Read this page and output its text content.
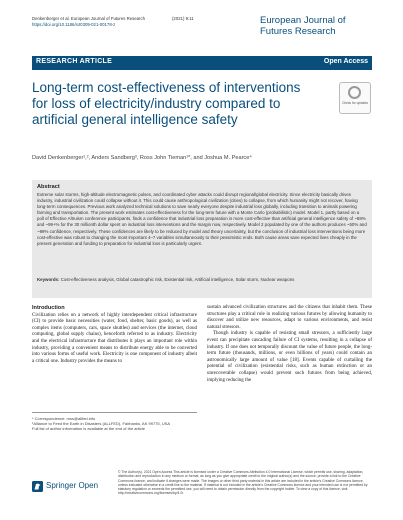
Denkenberger et al. European Journal of Futures Research	(2021) 9:11
https://doi.org/10.1186/s40309-021-00178-z	European Journal of Futures Research
RESEARCH ARTICLE	Open Access
Long-term cost-effectiveness of interventions for loss of electricity/industry compared to artificial general intelligence safety
Check for updates
David Denkenberger¹,², Anders Sandberg³, Ross John Tieman¹*, and Joshua M. Pearce⁴
Abstract
Extreme solar storms, high-altitude electromagnetic pulses, and coordinated cyber attacks could disrupt regional/global electricity. Since electricity basically drives industry, industrial civilization could collapse without it. This could cause anthropological civilization (cities) to collapse, from which humanity might not recover, having long-term consequences. Previous work analyzed technical solutions to save nearly everyone despite industrial loss globally, including transition to animals powering farming and transportation. The present work estimates cost-effectiveness for the long-term future with a Monte Carlo (probabilistic) model. Model 1, partly based on a poll of Effective Altruism conference participants, finds a confidence that industrial loss preparation is more cost-effective than artificial general intelligence safety of ~88% and ~99+% for the 30 millionth dollar spent on industrial loss interventions and the margin now, respectively. Model 2 populated by one of the authors produces ~50% and ~99% confidence, respectively. These confidences are likely to be reduced by model and theory uncertainty, but the conclusion of industrial loss interventions being more cost-effective was robust to changing the most important 4–7 variables simultaneously to their pessimistic ends. Both cause areas save expected lives cheaply in the present generation and funding to preparation for industrial loss is particularly urgent.
Keywords: Cost-effectiveness analysis, Global catastrophic risk, Existential risk, Artificial intelligence, Solar storm, Nuclear weapons
Introduction

Civilization relies on a network of highly interdependent critical infrastructure (CI) to provide basic necessities (water, food, shelter, basic goods), as well as complex items (computers, cars, space shuttles) and services (the internet, cloud computing, global supply chains), henceforth referred to as industry. Electricity and the electrical infrastructure that distributes it plays an important role within industry, providing a convenient means to distribute energy able to be converted into various forms of useful work. Electricity is one component of industry albeit a critical one. Industry provides the means to

* Correspondence: ross@allfed.info
¹Alliance to Feed the Earth in Disasters (ALLFED), Fairbanks, AK 99775, USA
Full list of author information is available at the end of the article

sustain advanced civilization structures and the citizens that inhabit them. These structures play a critical role in realizing various futures by allowing humanity to discover and utilize new resources, adapt to various environments, and resist natural stressors.

Though industry is capable of resisting small stressors, a sufficiently large event can precipitate cascading failure of CI systems, resulting in a collapse of industry. If one does not temporally discount the value of future people, the long-term future (thousands, millions, or even billions of years) could contain an astronomically large amount of value [18]. Events capable of curtailing the potential of civilization (existential risks, such as human extinction or an unrecoverable collapse) would prevent such futures from being achieved, implying reducing the

Springer Open
© The Author(s). 2021 Open Access This article is licensed under a Creative Commons Attribution 4.0 International License, which permits use, sharing, adaptation, distribution and reproduction in any medium or format, as long as you give appropriate credit to the original author(s) and the source, provide a link to the Creative Commons licence, and indicate if changes were made. The images or other third party material in this article are included in the article's Creative Commons licence, unless indicated otherwise in a credit line to the material. If material is not included in the article's Creative Commons licence and your intended use is not permitted by statutory regulation or exceeds the permitted use, you will need to obtain permission directly from the copyright holder. To view a copy of this licence, visit http://creativecommons.org/licenses/by/4.0/.
